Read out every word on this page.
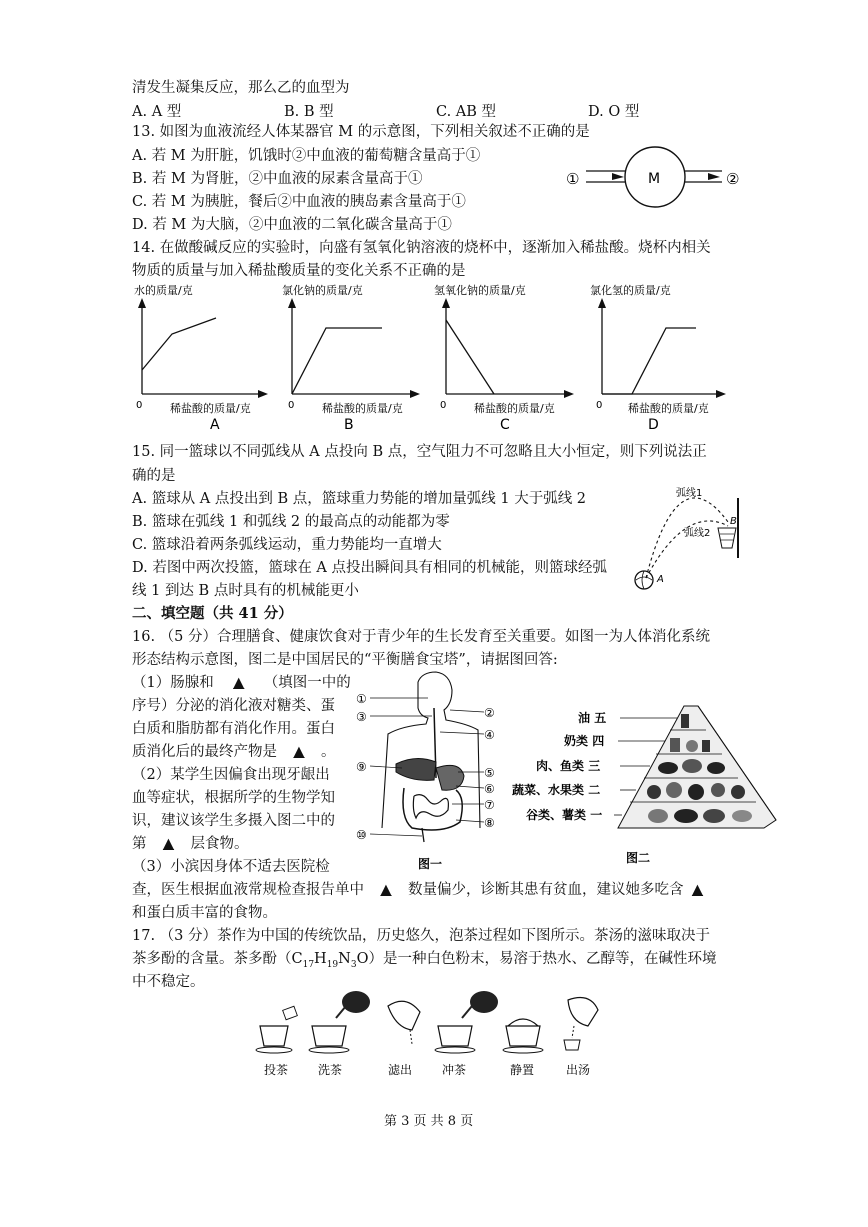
清发生凝集反应，那么乙的血型为
A. A 型	B. B 型	C. AB 型	D. O 型
13. 如图为血液流经人体某器官 M 的示意图，下列相关叙述不正确的是
A. 若 M 为肝脏，饥饿时②中血液的葡萄糖含量高于①
B. 若 M 为肾脏，②中血液的尿素含量高于①
C. 若 M 为胰脏，餐后②中血液的胰岛素含量高于①
D. 若 M 为大脑，②中血液的二氧化碳含量高于①
①	M	②
14. 在做酸碱反应的实验时，向盛有氢氧化钠溶液的烧杯中，逐渐加入稀盐酸。烧杯内相关
物质的质量与加入稀盐酸质量的变化关系不正确的是
水的质量/克
0	稀盐酸的质量/克
A
氯化钠的质量/克
0	稀盐酸的质量/克
B
氢氧化钠的质量/克
0	稀盐酸的质量/克
C
氯化氢的质量/克
0 稀盐酸的质量/克
D
15. 同一篮球以不同弧线从 A 点投向 B 点，空气阻力不可忽略且大小恒定，则下列说法正
确的是
A. 篮球从 A 点投出到 B 点，篮球重力势能的增加量弧线 1 大于弧线 2
B. 篮球在弧线 1 和弧线 2 的最高点的动能都为零
C. 篮球沿着两条弧线运动，重力势能均一直增大
D. 若图中两次投篮，篮球在 A 点投出瞬间具有相同的机械能，则篮球经弧
线 1 到达 B 点时具有的机械能更小
弧线1
弧线2
B
A
二、填空题（共 41 分）
16. （5 分）合理膳食、健康饮食对于青少年的生长发育至关重要。如图一为人体消化系统
形态结构示意图，图二是中国居民的“平衡膳食宝塔”，请据图回答:
（1）肠腺和 ▲ （填图一中的
序号）分泌的消化液对糖类、蛋
白质和脂肪都有消化作用。蛋白
质消化后的最终产物是 ▲ 。
（2）某学生因偏食出现牙龈出
血等症状，根据所学的生物学知
识，建议该学生多摄入图二中的
第 ▲ 层食物。
（3）小滨因身体不适去医院检
查，医生根据血液常规检查报告单中 ▲ 数量偏少，诊断其患有贫血，建议她多吃含 ▲
和蛋白质丰富的食物。
①
③	②
④
⑨	⑤
⑥
⑦
⑧
⑩
图一
油 五
奶类 四
肉、鱼类 三
蔬菜、水果类 二
谷类、薯类 一
图二
17. （3 分）茶作为中国的传统饮品，历史悠久，泡茶过程如下图所示。茶汤的滋味取决于
茶多酚的含量。茶多酚$(C_{17}H_{19}N_3O)$是一种白色粉末，易溶于热水、乙醇等，在碱性环境
中不稳定。
投茶 洗茶	滤出 冲茶	静置	出汤
第 3 页 共 8 页
